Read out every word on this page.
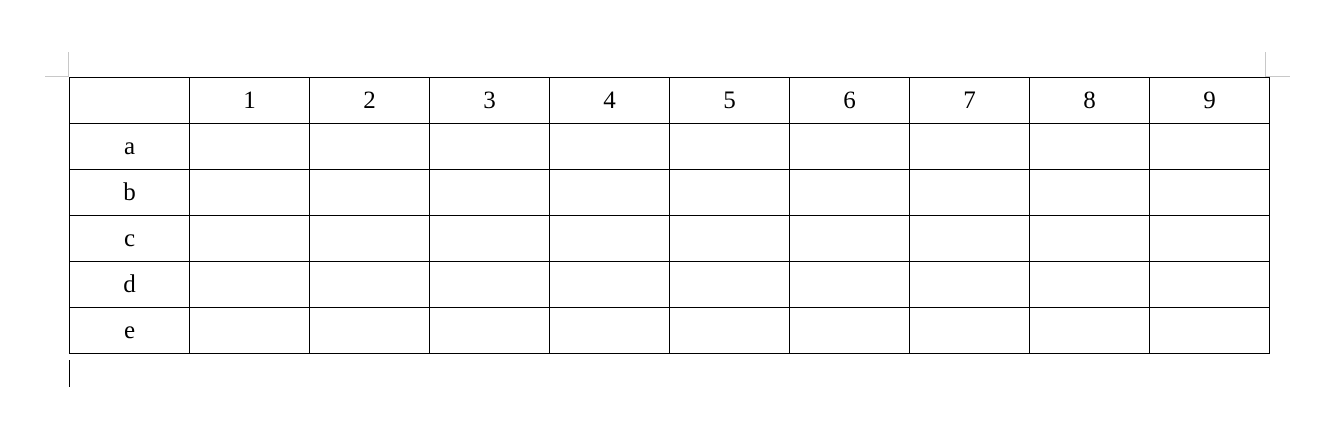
	1	2	3	4	5	6	7	8	9
a									
b									
c									
d									
e									
